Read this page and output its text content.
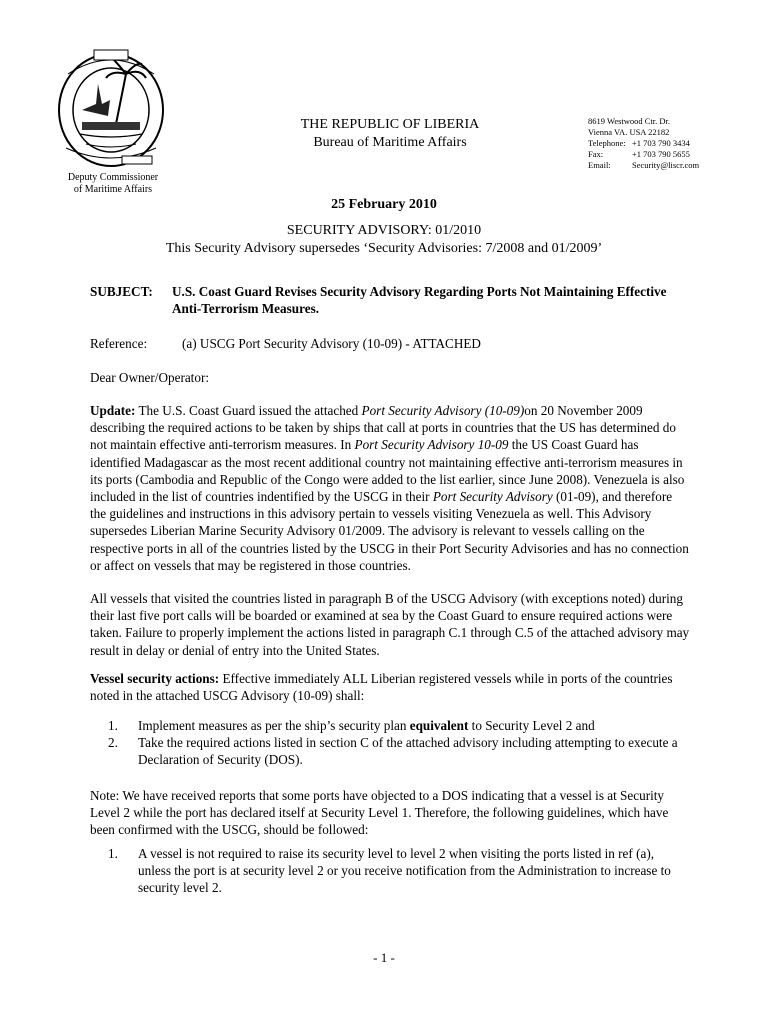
Deputy Commissioner
of Maritime Affairs
THE REPUBLIC OF LIBERIA
Bureau of Maritime Affairs
8619 Westwood Ctr. Dr.
Vienna VA. USA 22182
Telephone: +1 703 790 3434
Fax:	+1 703 790 5655
Email:	Security@liscr.com
25 February 2010
SECURITY ADVISORY: 01/2010
This Security Advisory supersedes ‘Security Advisories: 7/2008 and 01/2009’
SUBJECT:	U.S. Coast Guard Revises Security Advisory Regarding Ports Not Maintaining Effective Anti-Terrorism Measures.
Reference:	(a) USCG Port Security Advisory (10-09) - ATTACHED
Dear Owner/Operator:
Update: The U.S. Coast Guard issued the attached Port Security Advisory (10-09)on 20 November 2009 describing the required actions to be taken by ships that call at ports in countries that the US has determined do not maintain effective anti-terrorism measures. In Port Security Advisory 10-09 the US Coast Guard has identified Madagascar as the most recent additional country not maintaining effective anti-terrorism measures in its ports (Cambodia and Republic of the Congo were added to the list earlier, since June 2008). Venezuela is also included in the list of countries indentified by the USCG in their Port Security Advisory (01-09), and therefore the guidelines and instructions in this advisory pertain to vessels visiting Venezuela as well. This Advisory supersedes Liberian Marine Security Advisory 01/2009. The advisory is relevant to vessels calling on the respective ports in all of the countries listed by the USCG in their Port Security Advisories and has no connection or affect on vessels that may be registered in those countries.
All vessels that visited the countries listed in paragraph B of the USCG Advisory (with exceptions noted) during their last five port calls will be boarded or examined at sea by the Coast Guard to ensure required actions were taken. Failure to properly implement the actions listed in paragraph C.1 through C.5 of the attached advisory may result in delay or denial of entry into the United States.
Vessel security actions: Effective immediately ALL Liberian registered vessels while in ports of the countries noted in the attached USCG Advisory (10-09) shall:
1.	Implement measures as per the ship’s security plan equivalent to Security Level 2 and
2.	Take the required actions listed in section C of the attached advisory including attempting to execute a Declaration of Security (DOS).
Note: We have received reports that some ports have objected to a DOS indicating that a vessel is at Security Level 2 while the port has declared itself at Security Level 1. Therefore, the following guidelines, which have been confirmed with the USCG, should be followed:
1.	A vessel is not required to raise its security level to level 2 when visiting the ports listed in ref (a), unless the port is at security level 2 or you receive notification from the Administration to increase to security level 2.
- 1 -
